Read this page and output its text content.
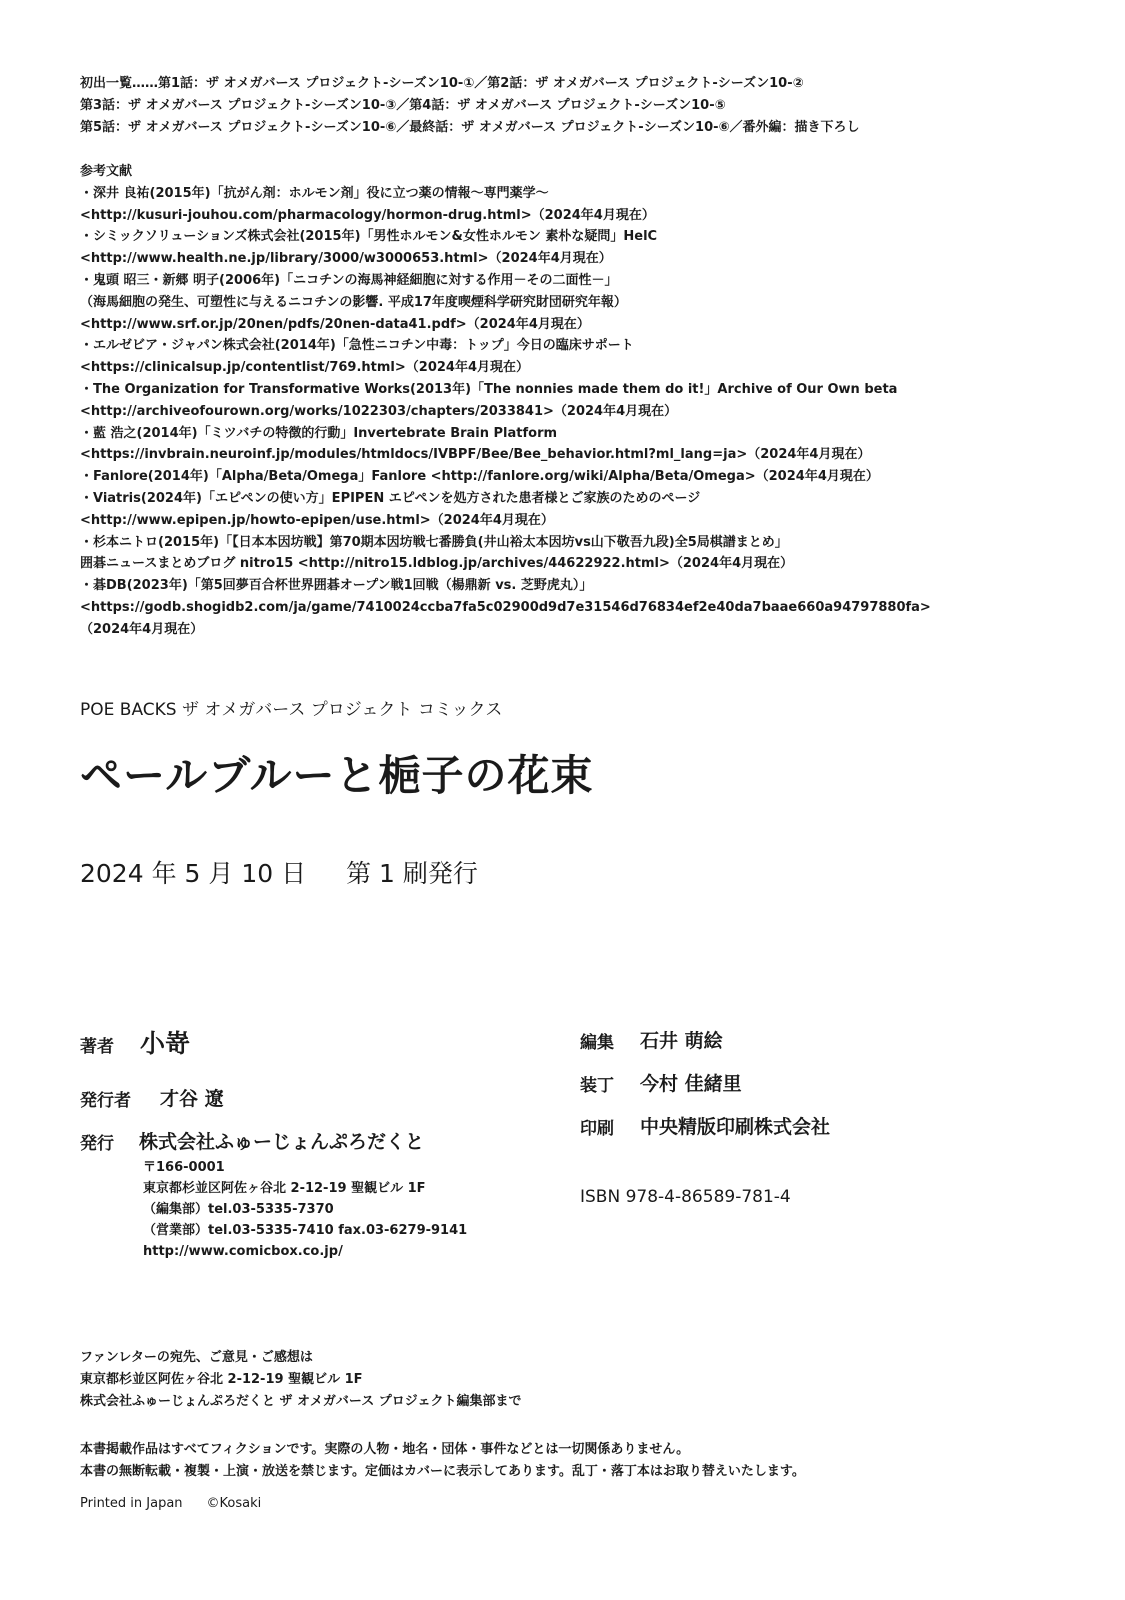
初出一覧……第1話：ザ オメガバース プロジェクト-シーズン10-①／第2話：ザ オメガバース プロジェクト-シーズン10-②
第3話：ザ オメガバース プロジェクト-シーズン10-③／第4話：ザ オメガバース プロジェクト-シーズン10-⑤
第5話：ザ オメガバース プロジェクト-シーズン10-⑥／最終話：ザ オメガバース プロジェクト-シーズン10-⑥／番外編：描き下ろし
参考文献
・深井 良祐(2015年)「抗がん剤：ホルモン剤」役に立つ薬の情報～専門薬学～
<http://kusuri-jouhou.com/pharmacology/hormon-drug.html>（2024年4月現在）
・シミックソリューションズ株式会社(2015年)「男性ホルモン&女性ホルモン 素朴な疑問」HelC
<http://www.health.ne.jp/library/3000/w3000653.html>（2024年4月現在）
・鬼頭 昭三・新郷 明子(2006年)「ニコチンの海馬神経細胞に対する作用－その二面性－」
（海馬細胞の発生、可塑性に与えるニコチンの影響. 平成17年度喫煙科学研究財団研究年報）
<http://www.srf.or.jp/20nen/pdfs/20nen-data41.pdf>（2024年4月現在）
・エルゼビア・ジャパン株式会社(2014年)「急性ニコチン中毒：トップ」今日の臨床サポート
<https://clinicalsup.jp/contentlist/769.html>（2024年4月現在）
・The Organization for Transformative Works(2013年)「The nonnies made them do it!」Archive of Our Own beta
<http://archiveofourown.org/works/1022303/chapters/2033841>（2024年4月現在）
・藍 浩之(2014年)「ミツバチの特徴的行動」Invertebrate Brain Platform
<https://invbrain.neuroinf.jp/modules/htmldocs/IVBPF/Bee/Bee_behavior.html?ml_lang=ja>（2024年4月現在）
・Fanlore(2014年)「Alpha/Beta/Omega」Fanlore <http://fanlore.org/wiki/Alpha/Beta/Omega>（2024年4月現在）
・Viatris(2024年)「エピペンの使い方」EPIPEN エピペンを処方された患者様とご家族のためのページ
<http://www.epipen.jp/howto-epipen/use.html>（2024年4月現在）
・杉本ニトロ(2015年)「【日本本因坊戦】第70期本因坊戦七番勝負(井山裕太本因坊vs山下敬吾九段)全5局棋譜まとめ」
囲碁ニュースまとめブログ nitro15 <http://nitro15.ldblog.jp/archives/44622922.html>（2024年4月現在）
・碁DB(2023年)「第5回夢百合杯世界囲碁オープン戦1回戦（楊鼎新 vs. 芝野虎丸）」
<https://godb.shogidb2.com/ja/game/7410024ccba7fa5c02900d9d7e31546d76834ef2e40da7baae660a94797880fa>
（2024年4月現在）
POE BACKS ザ オメガバース プロジェクト コミックス
ペールブルーと梔子の花束
2024 年 5 月 10 日 第 1 刷発行
著者 小嵜
発行者 才谷 遼
発行 株式会社ふゅーじょんぷろだくと
〒166-0001
東京都杉並区阿佐ヶ谷北 2-12-19 聖観ビル 1F
（編集部）tel.03-5335-7370
（営業部）tel.03-5335-7410 fax.03-6279-9141
http://www.comicbox.co.jp/
編集 石井 萌絵
装丁 今村 佳緒里
印刷 中央精版印刷株式会社
ISBN 978-4-86589-781-4
ファンレターの宛先、ご意見・ご感想は
東京都杉並区阿佐ヶ谷北 2-12-19 聖観ビル 1F
株式会社ふゅーじょんぷろだくと ザ オメガバース プロジェクト編集部まで
本書掲載作品はすべてフィクションです。実際の人物・地名・団体・事件などとは一切関係ありません。
本書の無断転載・複製・上演・放送を禁じます。定価はカバーに表示してあります。乱丁・落丁本はお取り替えいたします。
Printed in Japan ©Kosaki
